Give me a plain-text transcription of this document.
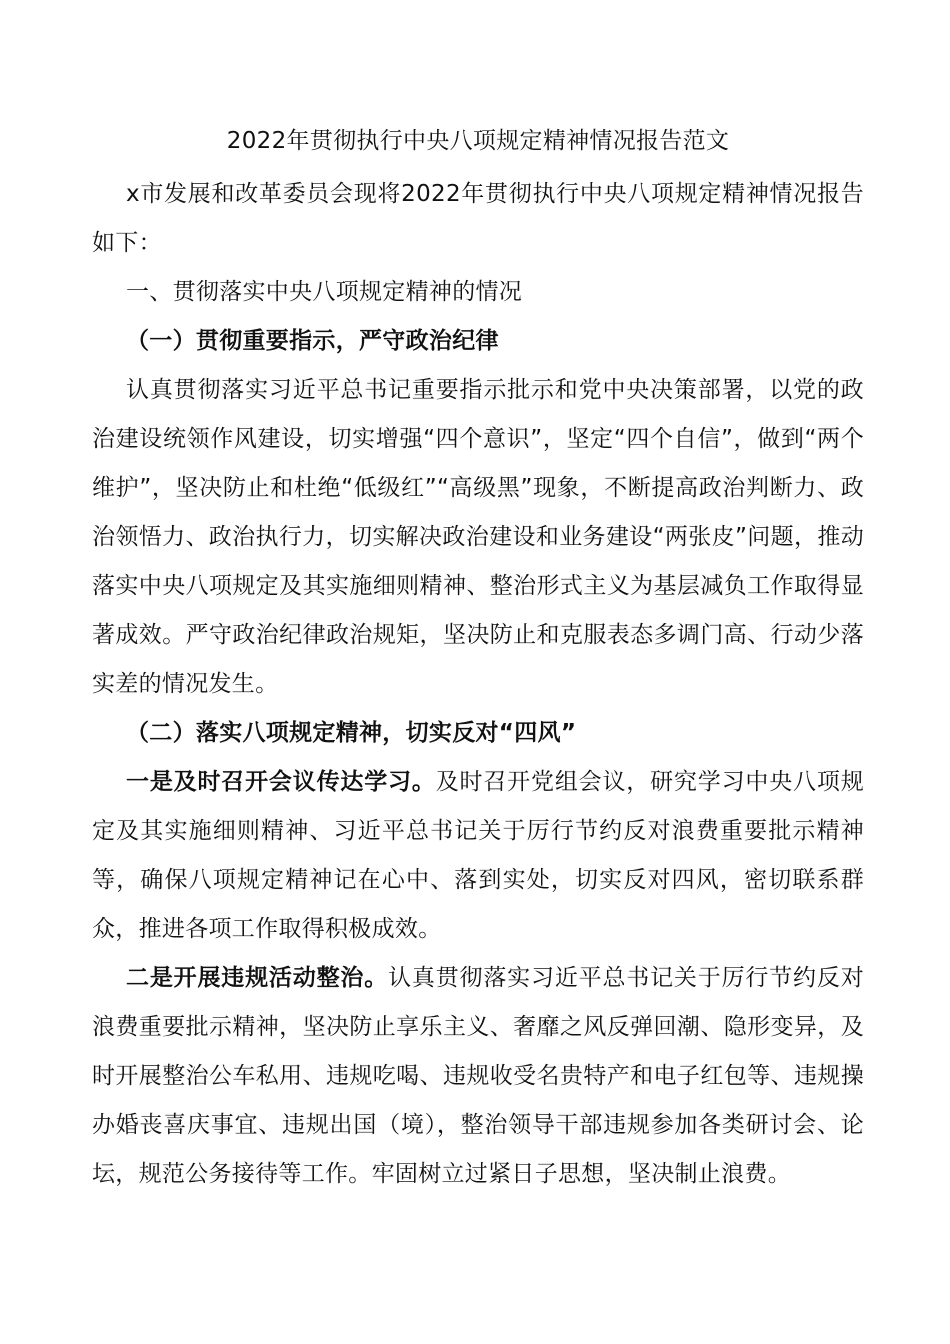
2022年贯彻执行中央八项规定精神情况报告范文

x市发展和改革委员会现将2022年贯彻执行中央八项规定精神情况报告如下：

一、贯彻落实中央八项规定精神的情况

（一）贯彻重要指示，严守政治纪律

认真贯彻落实习近平总书记重要指示批示和党中央决策部署，以党的政治建设统领作风建设，切实增强“四个意识”，坚定“四个自信”，做到“两个维护”，坚决防止和杜绝“低级红”“高级黑”现象，不断提高政治判断力、政治领悟力、政治执行力，切实解决政治建设和业务建设“两张皮”问题，推动落实中央八项规定及其实施细则精神、整治形式主义为基层减负工作取得显著成效。严守政治纪律政治规矩，坚决防止和克服表态多调门高、行动少落实差的情况发生。

（二）落实八项规定精神，切实反对“四风”

一是及时召开会议传达学习。及时召开党组会议，研究学习中央八项规定及其实施细则精神、习近平总书记关于厉行节约反对浪费重要批示精神等，确保八项规定精神记在心中、落到实处，切实反对四风，密切联系群众，推进各项工作取得积极成效。

二是开展违规活动整治。认真贯彻落实习近平总书记关于厉行节约反对浪费重要批示精神，坚决防止享乐主义、奢靡之风反弹回潮、隐形变异，及时开展整治公车私用、违规吃喝、违规收受名贵特产和电子红包等、违规操办婚丧喜庆事宜、违规出国（境），整治领导干部违规参加各类研讨会、论坛，规范公务接待等工作。牢固树立过紧日子思想，坚决制止浪费。
